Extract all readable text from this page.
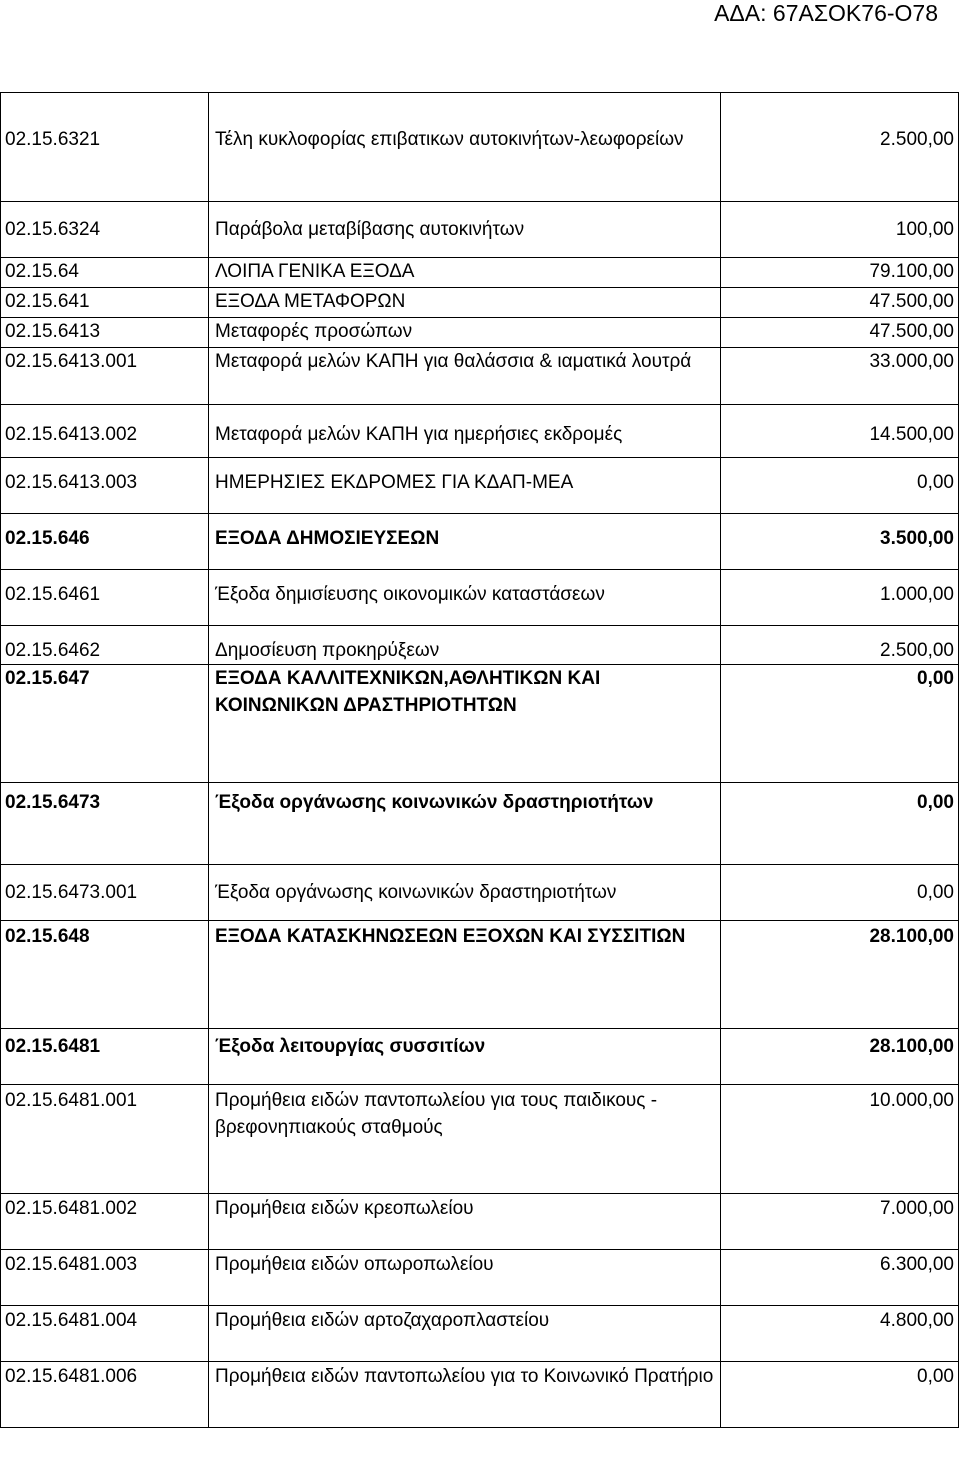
ΑΔΑ: 67ΑΣΟΚ76-Ο78
02.15.6321	Τέλη κυκλοφορίας επιβατικων αυτοκινήτων-λεωφορείων	2.500,00
02.15.6324	Παράβολα μεταβίβασης αυτοκινήτων	100,00
02.15.64	ΛΟΙΠΑ ΓΕΝΙΚΑ ΕΞΟΔΑ	79.100,00
02.15.641	ΕΞΟΔΑ ΜΕΤΑΦΟΡΩΝ	47.500,00
02.15.6413	Μεταφορές προσώπων	47.500,00
02.15.6413.001	Μεταφορά μελών ΚΑΠΗ για θαλάσσια & ιαματικά λουτρά	33.000,00
02.15.6413.002	Μεταφορά μελών ΚΑΠΗ για ημερήσιες εκδρομές	14.500,00
02.15.6413.003	ΗΜΕΡΗΣΙΕΣ ΕΚΔΡΟΜΕΣ ΓΙΑ ΚΔΑΠ-ΜΕΑ	0,00
02.15.646	ΕΞΟΔΑ ΔΗΜΟΣΙΕΥΣΕΩΝ	3.500,00
02.15.6461	Έξοδα δημισίευσης οικονομικών καταστάσεων	1.000,00
02.15.6462	Δημοσίευση προκηρύξεων	2.500,00
02.15.647	ΕΞΟΔΑ ΚΑΛΛΙΤΕΧΝΙΚΩΝ,ΑΘΛΗΤΙΚΩΝ ΚΑΙ ΚΟΙΝΩΝΙΚΩΝ ΔΡΑΣΤΗΡΙΟΤΗΤΩΝ	0,00
02.15.6473	Έξοδα οργάνωσης κοινωνικών δραστηριοτήτων	0,00
02.15.6473.001	Έξοδα οργάνωσης κοινωνικών δραστηριοτήτων	0,00
02.15.648	ΕΞΟΔΑ ΚΑΤΑΣΚΗΝΩΣΕΩΝ ΕΞΟΧΩΝ ΚΑΙ ΣΥΣΣΙΤΙΩΝ	28.100,00
02.15.6481	Έξοδα λειτουργίας συσσιτίων	28.100,00
02.15.6481.001	Προμήθεια ειδών παντοπωλείου για τους παιδικους - βρεφονηπιακούς σταθμούς	10.000,00
02.15.6481.002	Προμήθεια ειδών κρεοπωλείου	7.000,00
02.15.6481.003	Προμήθεια ειδών οπωροπωλείου	6.300,00
02.15.6481.004	Προμήθεια ειδών αρτοζαχαροπλαστείου	4.800,00
02.15.6481.006	Προμήθεια ειδών παντοπωλείου για το Κοινωνικό Πρατήριο	0,00
